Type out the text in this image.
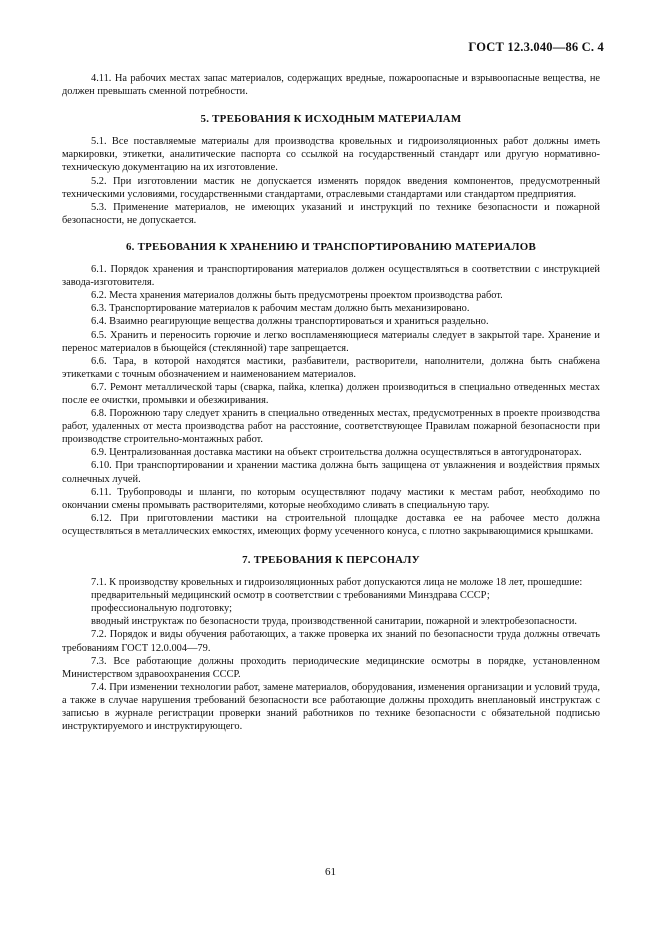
ГОСТ 12.3.040—86 С. 4

4.11. На рабочих местах запас материалов, содержащих вредные, пожароопасные и взрывоопасные вещества, не должен превышать сменной потребности.

5. ТРЕБОВАНИЯ К ИСХОДНЫМ МАТЕРИАЛАМ

5.1. Все поставляемые материалы для производства кровельных и гидроизоляционных работ должны иметь маркировки, этикетки, аналитические паспорта со ссылкой на государственный стандарт или другую нормативно-техническую документацию на их изготовление.

5.2. При изготовлении мастик не допускается изменять порядок введения компонентов, предусмотренный техническими условиями, государственными стандартами, отраслевыми стандартами или стандартом предприятия.

5.3. Применение материалов, не имеющих указаний и инструкций по технике безопасности и пожарной безопасности, не допускается.

6. ТРЕБОВАНИЯ К ХРАНЕНИЮ И ТРАНСПОРТИРОВАНИЮ МАТЕРИАЛОВ

6.1. Порядок хранения и транспортирования материалов должен осуществляться в соответствии с инструкцией завода-изготовителя.

6.2. Места хранения материалов должны быть предусмотрены проектом производства работ.

6.3. Транспортирование материалов к рабочим местам должно быть механизировано.

6.4. Взаимно реагирующие вещества должны транспортироваться и храниться раздельно.

6.5. Хранить и переносить горючие и легко воспламеняющиеся материалы следует в закрытой таре. Хранение и перенос материалов в бьющейся (стеклянной) таре запрещается.

6.6. Тара, в которой находятся мастики, разбавители, растворители, наполнители, должна быть снабжена этикетками с точным обозначением и наименованием материалов.

6.7. Ремонт металлической тары (сварка, пайка, клепка) должен производиться в специально отведенных местах после ее очистки, промывки и обезжиривания.

6.8. Порожнюю тару следует хранить в специально отведенных местах, предусмотренных в проекте производства работ, удаленных от места производства работ на расстояние, соответствующее Правилам пожарной безопасности при производстве строительно-монтажных работ.

6.9. Централизованная доставка мастики на объект строительства должна осуществляться в автогудронаторах.

6.10. При транспортировании и хранении мастика должна быть защищена от увлажнения и воздействия прямых солнечных лучей.

6.11. Трубопроводы и шланги, по которым осуществляют подачу мастики к местам работ, необходимо по окончании смены промывать растворителями, которые необходимо сливать в специальную тару.

6.12. При приготовлении мастики на строительной площадке доставка ее на рабочее место должна осуществляться в металлических емкостях, имеющих форму усеченного конуса, с плотно закрывающимися крышками.

7. ТРЕБОВАНИЯ К ПЕРСОНАЛУ

7.1. К производству кровельных и гидроизоляционных работ допускаются лица не моложе 18 лет, прошедшие:

предварительный медицинский осмотр в соответствии с требованиями Минздрава СССР;

профессиональную подготовку;

вводный инструктаж по безопасности труда, производственной санитарии, пожарной и электробезопасности.

7.2. Порядок и виды обучения работающих, а также проверка их знаний по безопасности труда должны отвечать требованиям ГОСТ 12.0.004—79.

7.3. Все работающие должны проходить периодические медицинские осмотры в порядке, установленном Министерством здравоохранения СССР.

7.4. При изменении технологии работ, замене материалов, оборудования, изменения организации и условий труда, а также в случае нарушения требований безопасности все работающие должны проходить внеплановый инструктаж с записью в журнале регистрации проверки знаний работников по технике безопасности с обязательной подписью инструктируемого и инструктирующего.

61
